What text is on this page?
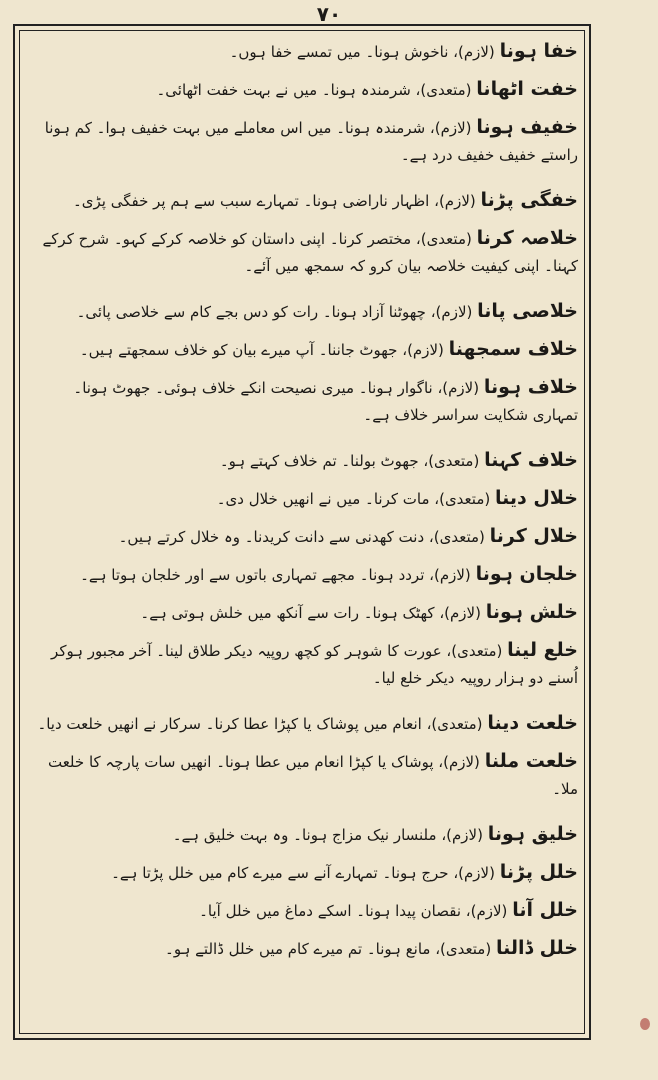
۷۰
خفا ہونا (لازم)، ناخوش ہونا۔ میں تمسے خفا ہوں۔
خفت اٹھانا (متعدی)، شرمندہ ہونا۔ میں نے بہت خفت اٹھائی۔
خفیف ہونا (لازم)، شرمندہ ہونا۔ میں اس معاملے میں بہت خفیف ہوا۔ کم ہونا راستے خفیف خفیف درد ہے۔
خفگی پڑنا (لازم)، اظہار ناراضی ہونا۔ تمہارے سبب سے ہم پر خفگی پڑی۔
خلاصہ کرنا (متعدی)، مختصر کرنا۔ اپنی داستان کو خلاصہ کرکے کہو۔ شرح کرکے کہنا۔ اپنی کیفیت خلاصہ بیان کرو کہ سمجھ میں آئے۔
خلاصی پانا (لازم)، چھوٹنا آزاد ہونا۔ رات کو دس بجے کام سے خلاصی پائی۔
خلاف سمجھنا (لازم)، جھوٹ جاننا۔ آپ میرے بیان کو خلاف سمجھتے ہیں۔
خلاف ہونا (لازم)، ناگوار ہونا۔ میری نصیحت انکے خلاف ہوئی۔ جھوٹ ہونا۔ تمہاری شکایت سراسر خلاف ہے۔
خلاف کہنا (متعدی)، جھوٹ بولنا۔ تم خلاف کہتے ہو۔
خلال دینا (متعدی)، مات کرنا۔ میں نے انھیں خلال دی۔
خلال کرنا (متعدی)، دنت کھدنی سے دانت کریدنا۔ وہ خلال کرتے ہیں۔
خلجان ہونا (لازم)، تردد ہونا۔ مجھے تمہاری باتوں سے اور خلجان ہوتا ہے۔
خلش ہونا (لازم)، کھٹک ہونا۔ رات سے آنکھ میں خلش ہوتی ہے۔
خلع لینا (متعدی)، عورت کا شوہر کو کچھ روپیہ دیکر طلاق لینا۔ آخر مجبور ہوکر اُسنے دو ہزار روپیہ دیکر خلع لیا۔
خلعت دینا (متعدی)، انعام میں پوشاک یا کپڑا عطا کرنا۔ سرکار نے انھیں خلعت دیا۔
خلعت ملنا (لازم)، پوشاک یا کپڑا انعام میں عطا ہونا۔ انھیں سات پارچہ کا خلعت ملا۔
خلیق ہونا (لازم)، ملنسار نیک مزاج ہونا۔ وہ بہت خلیق ہے۔
خلل پڑنا (لازم)، حرج ہونا۔ تمہارے آنے سے میرے کام میں خلل پڑتا ہے۔
خلل آنا (لازم)، نقصان پیدا ہونا۔ اسکے دماغ میں خلل آیا۔
خلل ڈالنا (متعدی)، مانع ہونا۔ تم میرے کام میں خلل ڈالتے ہو۔
